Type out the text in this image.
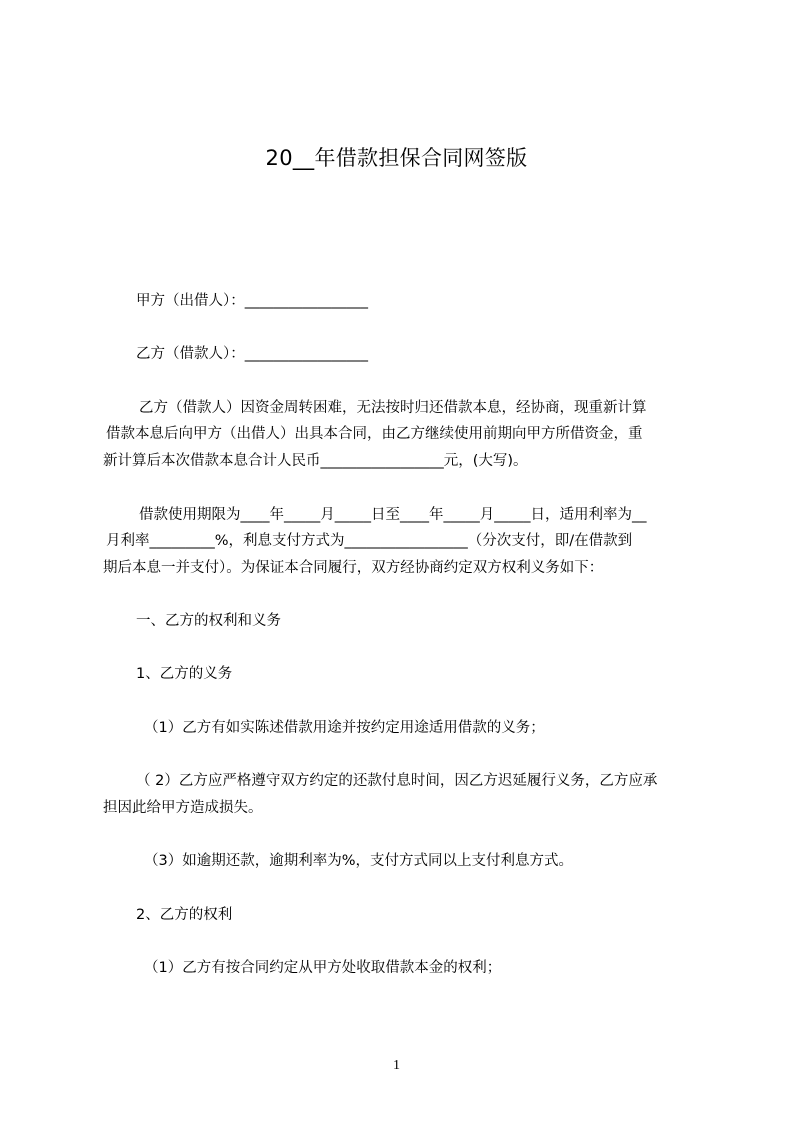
20__年借款担保合同网签版
甲方（出借人）：_________________
乙方（借款人）：_________________
乙方（借款人）因资金周转困难，无法按时归还借款本息，经协商，现重新计算
借款本息后向甲方（出借人）出具本合同，由乙方继续使用前期向甲方所借资金，重
新计算后本次借款本息合计人民币_________________元，(大写)。
借款使用期限为____年_____月_____日至____年_____月_____日，适用利率为__
月利率_________%，利息支付方式为_________________（分次支付，即/在借款到
期后本息一并支付）。为保证本合同履行，双方经协商约定双方权利义务如下：
一、乙方的权利和义务
1、乙方的义务
（1）乙方有如实陈述借款用途并按约定用途适用借款的义务；
（ 2）乙方应严格遵守双方约定的还款付息时间，因乙方迟延履行义务，乙方应承
担因此给甲方造成损失。
（3）如逾期还款，逾期利率为%，支付方式同以上支付利息方式。
2、乙方的权利
（1）乙方有按合同约定从甲方处收取借款本金的权利；
1
